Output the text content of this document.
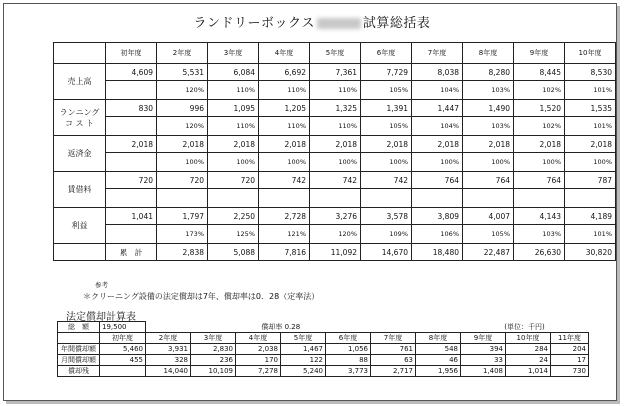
ランドリーボックス	試算総括表
	初年度	2年度	3年度	4年度	5年度	6年度	7年度	8年度	9年度	10年度
売上高	4,609	5,531	6,084	6,692	7,361	7,729	8,038	8,280	8,445	8,530
		120%	110%	110%	110%	105%	104%	103%	102%	101%
ランニング
コ ス ト	830	996	1,095	1,205	1,325	1,391	1,447	1,490	1,520	1,535
		120%	110%	110%	110%	105%	104%	103%	102%	101%
返済金	2,018	2,018	2,018	2,018	2,018	2,018	2,018	2,018	2,018	2,018
		100%	100%	100%	100%	100%	100%	100%	100%	100%
賃借料	720	720	720	742	742	742	764	764	764	787

利益	1,041	1,797	2,250	2,728	3,276	3,578	3,809	4,007	4,143	4,189
		173%	125%	121%	120%	109%	106%	105%	103%	101%
	累　計	2,838	5,088	7,816	11,092	14,670	18,480	22,487	26,630	30,820
参考
＊クリーニング設備の法定償却は7年、償却率は0．28（定率法）
法定償却計算表
総　額	19,500	償却率 0.28							(単位：千円)		
	初年度	2年度	3年度	4年度	5年度	6年度	7年度	8年度	9年度	10年度	11年度
年間償却額	5,460	3,931	2,830	2,038	1,467	1,056	761	548	394	284	204
月間償却額	455	328	236	170	122	88	63	46	33	24	17
償却残		14,040	10,109	7,278	5,240	3,773	2,717	1,956	1,408	1,014	730
